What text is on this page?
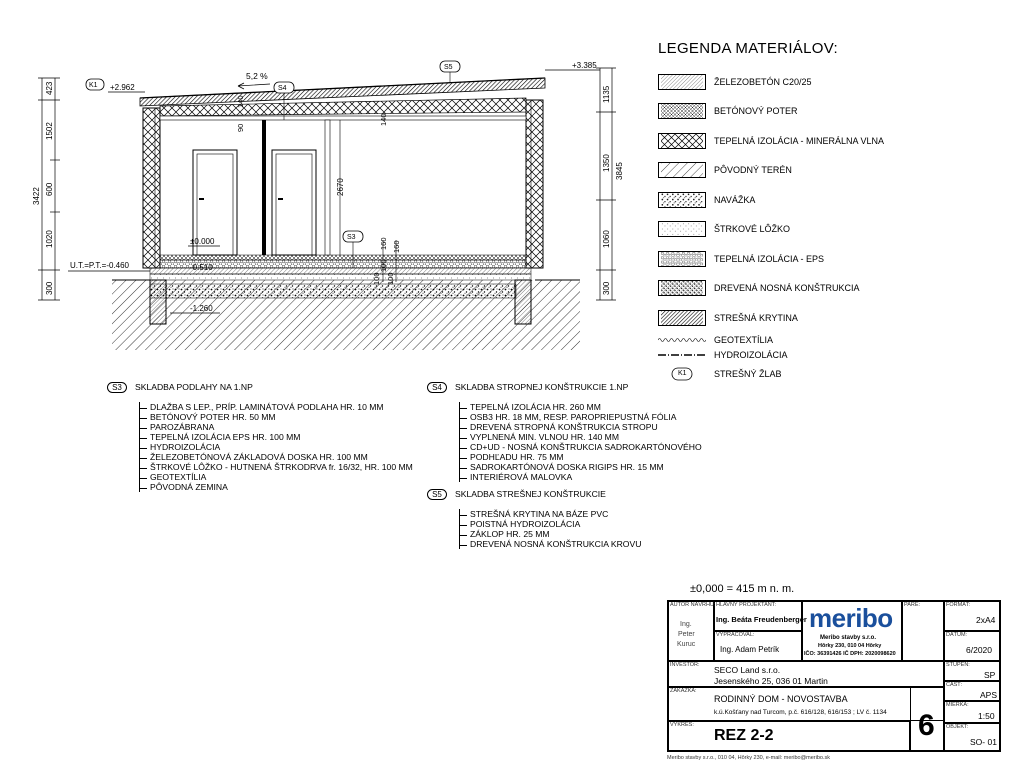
423
1502
600
1020
300
3422
1135
1350
1060
300
3845
140
90
2670
140
160
100
100
100
160
+3.385
+2.962
U.T.=P.T.=-0.460
±0.000
-0.510
-1.260
5,2 %
K1	S4
S3
S5
LEGENDA MATERIÁLOV:
ŽELEZOBETÓN C20/25
BETÓNOVÝ POTER
TEPELNÁ IZOLÁCIA - MINERÁLNA VLNA
PÔVODNÝ TERÉN
NAVÁŽKA
ŠTRKOVÉ LÔŽKO
TEPELNÁ IZOLÁCIA - EPS
DREVENÁ NOSNÁ KONŠTRUKCIA
STREŠNÁ KRYTINA
GEOTEXTÍLIA
HYDROIZOLÁCIA
K1	STREŠNÝ ŽLAB
S3	SKLADBA PODLAHY NA 1.NP
DLAŽBA S LEP., PRÍP. LAMINÁTOVÁ PODLAHA HR. 10 MM
BETÓNOVÝ POTER HR. 50 MM
PAROZÁBRANA
TEPELNÁ IZOLÁCIA EPS HR. 100 MM
HYDROIZOLÁCIA
ŽELEZOBETÓNOVÁ ZÁKLADOVÁ DOSKA HR. 100 MM
ŠTRKOVÉ LÔŽKO - HUTNENÁ ŠTRKODRVA fr. 16/32, HR. 100 MM
GEOTEXTÍLIA
PÔVODNÁ ZEMINA
S4	SKLADBA STROPNEJ KONŠTRUKCIE 1.NP
TEPELNÁ IZOLÁCIA HR. 260 MM
OSB3 HR. 18 MM, RESP. PAROPRIEPUSTNÁ FÓLIA
DREVENÁ STROPNÁ KONŠTRUKCIA STROPU
VYPLNENÁ MIN. VLNOU HR. 140 MM
CD+UD - NOSNÁ KONŠTRUKCIA SADROKARTÓNOVÉHO
PODHĽADU HR. 75 MM
SADROKARTÓNOVÁ DOSKA RIGIPS HR. 15 MM
INTERIÉROVÁ MALOVKA
S5	SKLADBA STREŠNEJ KONŠTRUKCIE
STREŠNÁ KRYTINA NA BÁZE PVC
POISTNÁ HYDROIZOLÁCIA
ZÁKLOP HR. 25 MM
DREVENÁ NOSNÁ KONŠTRUKCIA KROVU
±0,000 = 415 m n. m.
AUTOR NÁVRHU:
Ing.
Peter
Kuruc
HLAVNÝ PROJEKTANT:
Ing. Beáta Freudenberger
VYPRACOVAL:
Ing. Adam Petrík
meribo
Meribo stavby s.r.o.
Hôrky 230, 010 04 Hôrky
IČO: 36391426 IČ DPH: 2020098620
PARE:	FORMÁT:
2xA4
DÁTUM:
6/2020
INVESTOR: SECO Land s.r.o.
Jesenského 25, 036 01 Martin
ZÁKAZKA:
RODINNÝ DOM - NOVOSTAVBA
k.ú.Košťany nad Turcom, p.č. 616/128, 616/153 ; LV č. 1134
VÝKRES:
REZ 2-2	6
STUPEŇ:
SP
ČASŤ:
APS
MIERKA:
1:50
OBJEKT:
SO- 01
Meribo stavby s.r.o., 010 04, Hôrky 230, e-mail: meribo@meribo.sk
